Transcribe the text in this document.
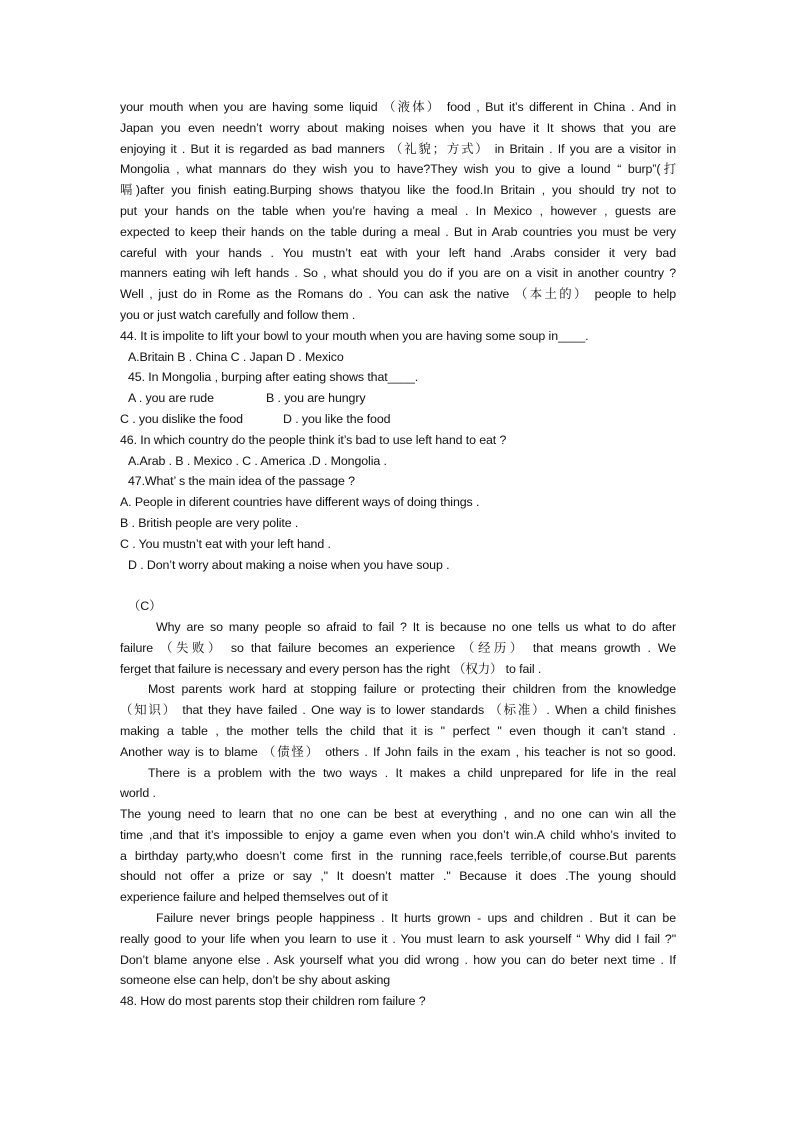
your mouth when you are having some liquid （液体） food , But it’s different in China . And in
Japan you even needn’t worry about making noises when you have it It shows that you are
enjoying it . But it is regarded as bad manners （礼貌；方式） in Britain . If you are a visitor in
Mongolia , what mannars do they wish you to have?They wish you to give a lound “ burp”(打
嗝)after you finish eating.Burping shows thatyou like the food.In Britain , you should try not to
put your hands on the table when you’re having a meal . In Mexico , however , guests are
expected to keep their hands on the table during a meal . But in Arab countries you must be very
careful with your hands . You mustn’t eat with your left hand .Arabs consider it very bad
manners eating wih left hands . So , what should you do if you are on a visit in another country ?
Well , just do in Rome as the Romans do . You can ask the native （本土的） people to help
you or just watch carefully and follow them .
44. It is impolite to lift your bowl to your mouth when you are having some soup in____.
A.Britain B . China C . Japan D . Mexico
45. In Mongolia , burping after eating shows that____.
A . you are rude	B . you are hungry
C . you dislike the food	D . you like the food
46. In which country do the people think it’s bad to use left hand to eat ?
A.Arab . B . Mexico . C . America .D . Mongolia .
47.What’ s the main idea of the passage ?
A. People in diferent countries have different ways of doing things .
B . British people are very polite .
C . You mustn’t eat with your left hand .
D . Don’t worry about making a noise when you have soup .
（C）
Why are so many people so afraid to fail ? It is because no one tells us what to do after
failure （失败） so that failure becomes an experience （经历） that means growth . We
ferget that failure is necessary and every person has the right （权力） to fail .
Most parents work hard at stopping failure or protecting their children from the knowledge
（知识） that they have failed . One way is to lower standards （标准）. When a child finishes
making a table , the mother tells the child that it is " perfect " even though it can’t stand .
Another way is to blame （债怪） others . If John fails in the exam , his teacher is not so good.
There is a problem with the two ways . It makes a child unprepared for life in the real
world .
The young need to learn that no one can be best at everything , and no one can win all the
time ,and that it’s impossible to enjoy a game even when you don’t win.A child whho’s invited to
a birthday party,who doesn’t come first in the running race,feels terrible,of course.But parents
should not offer a prize or say ," It doesn’t matter ." Because it does .The young should
experience failure and helped themselves out of it
Failure never brings people happiness . It hurts grown - ups and children . But it can be
really good to your life when you learn to use it . You must learn to ask yourself “ Why did I fail ?"
Don’t blame anyone else . Ask yourself what you did wrong . how you can do beter next time . If
someone else can help, don’t be shy about asking
48. How do most parents stop their children rom failure ?
